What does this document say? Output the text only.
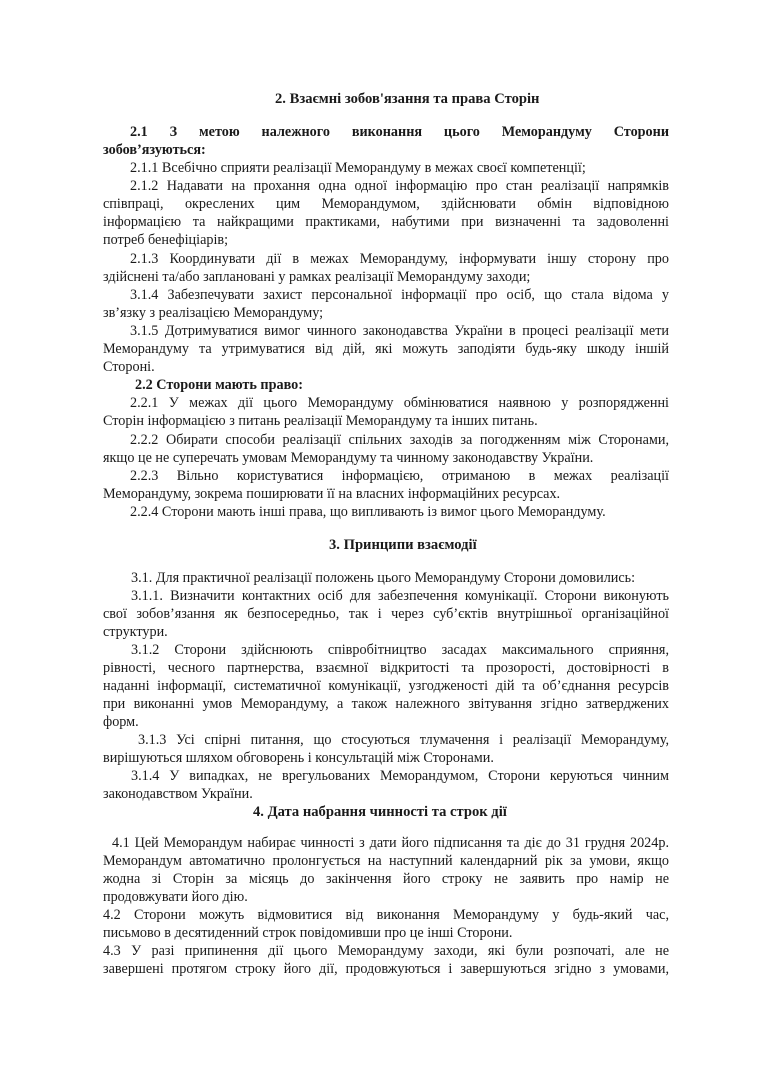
2. Взаємні зобов'язання та права Сторін
2.1 З метою належного виконання цього Меморандуму Сторони
зобов’язуються:
2.1.1 Всебічно сприяти реалізації Меморандуму в межах своєї компетенції;
2.1.2 Надавати на прохання одна одної інформацію про стан реалізації напрямків
співпраці, окреслених цим Меморандумом, здійснювати обмін відповідною
інформацією та найкращими практиками, набутими при визначенні та задоволенні
потреб бенефіціарів;
2.1.3 Координувати дії в межах Меморандуму, інформувати іншу сторону про
здійснені та/або заплановані у рамках реалізації Меморандуму заходи;
3.1.4 Забезпечувати захист персональної інформації про осіб, що стала відома у
зв’язку з реалізацією Меморандуму;
3.1.5 Дотримуватися вимог чинного законодавства України в процесі реалізації мети
Меморандуму та утримуватися від дій, які можуть заподіяти будь-яку шкоду іншій
Стороні.
2.2 Сторони мають право:
2.2.1 У межах дії цього Меморандуму обмінюватися наявною у розпорядженні
Сторін інформацією з питань реалізації Меморандуму та інших питань.
2.2.2 Обирати способи реалізації спільних заходів за погодженням між Сторонами,
якщо це не суперечать умовам Меморандуму та чинному законодавству України.
2.2.3 Вільно користуватися інформацією, отриманою в межах реалізації
Меморандуму, зокрема поширювати її на власних інформаційних ресурсах.
2.2.4 Сторони мають інші права, що випливають із вимог цього Меморандуму.
3. Принципи взаємодії
3.1. Для практичної реалізації положень цього Меморандуму Сторони домовились:
3.1.1. Визначити контактних осіб для забезпечення комунікації. Сторони виконують
свої зобов’язання як безпосередньо, так і через суб’єктів внутрішньої організаційної
структури.
3.1.2 Сторони здійснюють співробітництво засадах максимального сприяння,
рівності, чесного партнерства, взаємної відкритості та прозорості, достовірності в
наданні інформації, систематичної комунікації, узгодженості дій та об’єднання ресурсів
при виконанні умов Меморандуму, а також належного звітування згідно затверджених
форм.
3.1.3 Усі спірні питання, що стосуються тлумачення і реалізації Меморандуму,
вирішуються шляхом обговорень і консультацій між Сторонами.
3.1.4 У випадках, не врегульованих Меморандумом, Сторони керуються чинним
законодавством України.
4. Дата набрання чинності та строк дії
4.1 Цей Меморандум набирає чинності з дати його підписання та діє до 31 грудня 2024р.
Меморандум автоматично пролонгується на наступний календарний рік за умови, якщо
жодна зі Сторін за місяць до закінчення його строку не заявить про намір не
продовжувати його дію.
4.2 Сторони можуть відмовитися від виконання Меморандуму у будь-який час,
письмово в десятиденний строк повідомивши про це інші Сторони.
4.3 У разі припинення дії цього Меморандуму заходи, які були розпочаті, але не
завершені протягом строку його дії, продовжуються і завершуються згідно з умовами,
